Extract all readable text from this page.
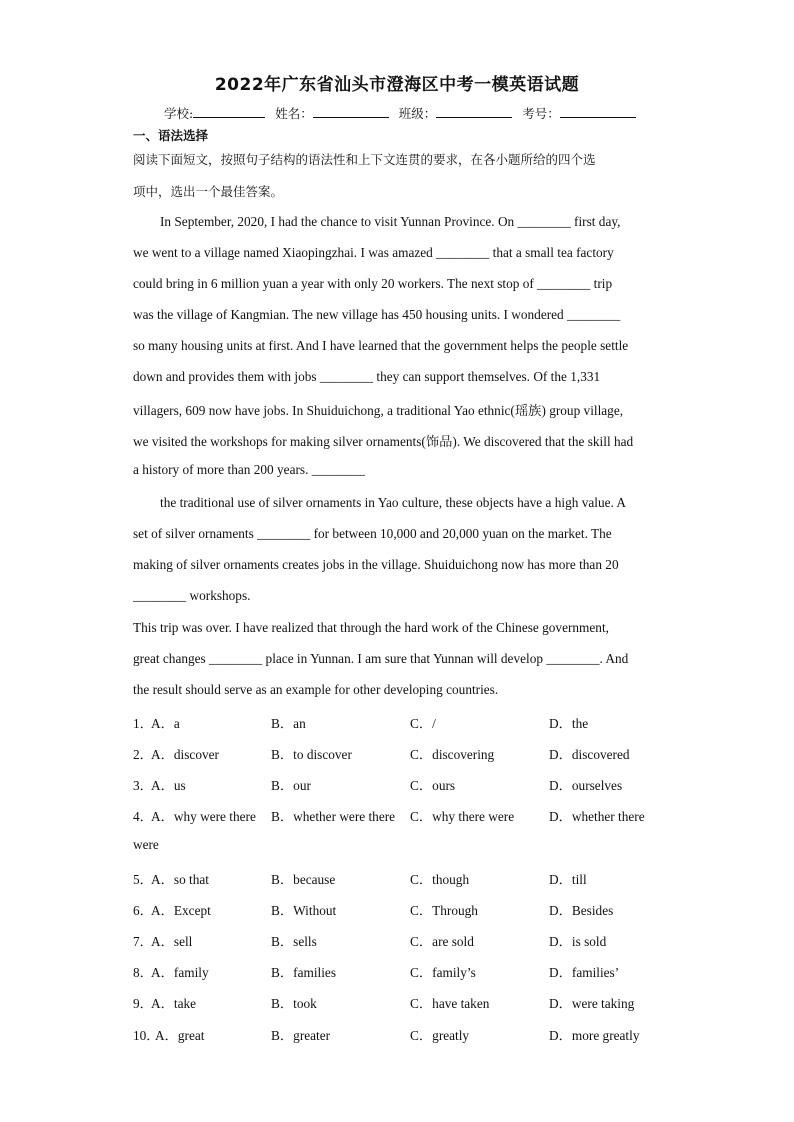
2022年广东省汕头市澄海区中考一模英语试题
学校:	姓名：	班级：	考号：
一、语法选择
阅读下面短文，按照句子结构的语法性和上下文连贯的要求，在各小题所给的四个选
项中，选出一个最佳答案。
In September, 2020, I had the chance to visit Yunnan Province. On ________ first day,
we went to a village named Xiaopingzhai. I was amazed ________ that a small tea factory
could bring in 6 million yuan a year with only 20 workers. The next stop of ________ trip
was the village of Kangmian. The new village has 450 housing units. I wondered ________
so many housing units at first. And I have learned that the government helps the people settle
down and provides them with jobs ________ they can support themselves. Of the 1,331
villagers, 609 now have jobs. In Shuiduichong, a traditional Yao ethnic(瑶族) group village,
we visited the workshops for making silver ornaments(饰品). We discovered that the skill had
a history of more than 200 years. ________
the traditional use of silver ornaments in Yao culture, these objects have a high value. A
set of silver ornaments ________ for between 10,000 and 20,000 yuan on the market. The
making of silver ornaments creates jobs in the village. Shuiduichong now has more than 20
________ workshops.
This trip was over. I have realized that through the hard work of the Chinese government,
great changes ________ place in Yunnan. I am sure that Yunnan will develop ________. And
the result should serve as an example for other developing countries.
1．
A．a	B．an	C．/	D．the
2．
A．discover	B．to discover	C．discovering	D．discovered
3．
A．us	B．our	C．ours	D．ourselves
4．
A．why were there B．whether were there C．why there were	D．whether there
were
5．
A．so that	B．because	C．though	D．till
6．
A．Except	B．Without	C．Through	D．Besides
7．
A．sell	B．sells	C．are sold	D．is sold
8．
A．family	B．families	C．family’s	D．families’
9．
A．take	B．took	C．have taken	D．were taking
10．
A．great	B．greater	C．greatly	D．more greatly
